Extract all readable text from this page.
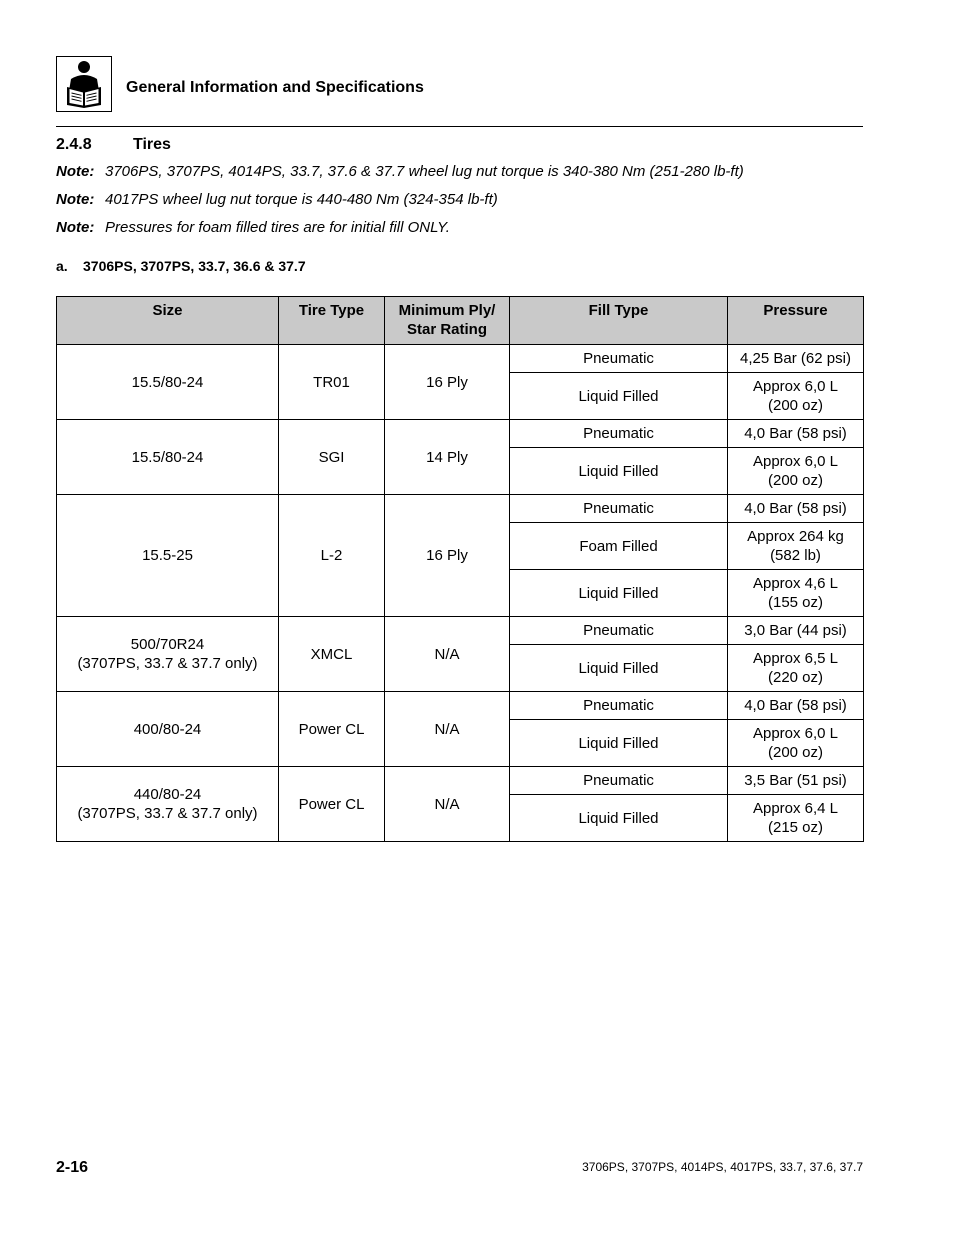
General Information and Specifications
2.4.8	Tires
Note: 3706PS, 3707PS, 4014PS, 33.7, 37.6 & 37.7 wheel lug nut torque is 340-380 Nm (251-280 lb-ft)
Note: 4017PS wheel lug nut torque is 440-480 Nm (324-354 lb-ft)
Note: Pressures for foam filled tires are for initial fill ONLY.
a. 3706PS, 3707PS, 33.7, 36.6 & 37.7
Size	Tire Type	Minimum Ply/
Star Rating	Fill Type	Pressure
15.5/80-24	TR01	16 Ply	Pneumatic	4,25 Bar (62 psi)
			Liquid Filled	Approx 6,0 L
(200 oz)
15.5/80-24	SGI	14 Ply	Pneumatic	4,0 Bar (58 psi)
			Liquid Filled	Approx 6,0 L
(200 oz)
15.5-25	L-2	16 Ply	Pneumatic	4,0 Bar (58 psi)
			Foam Filled	Approx 264 kg
(582 lb)
			Liquid Filled	Approx 4,6 L
(155 oz)
500/70R24
(3707PS, 33.7 & 37.7 only)	XMCL	N/A	Pneumatic	3,0 Bar (44 psi)
			Liquid Filled	Approx 6,5 L
(220 oz)
400/80-24	Power CL	N/A	Pneumatic	4,0 Bar (58 psi)
			Liquid Filled	Approx 6,0 L
(200 oz)
440/80-24
(3707PS, 33.7 & 37.7 only)	Power CL	N/A	Pneumatic	3,5 Bar (51 psi)
			Liquid Filled	Approx 6,4 L
(215 oz)
2-16	3706PS, 3707PS, 4014PS, 4017PS, 33.7, 37.6, 37.7
